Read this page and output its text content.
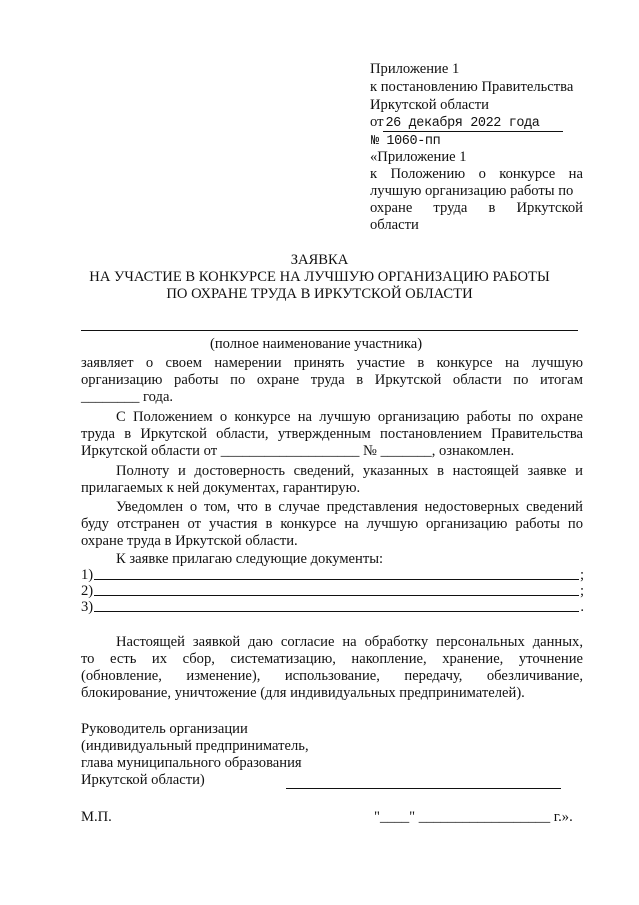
Приложение 1
к постановлению Правительства
Иркутской области
от 26 декабря 2022 года
№ 1060-пп
«Приложение 1
к Положению о конкурсе на
лучшую организацию работы по
охране труда в Иркутской
области
ЗАЯВКА
НА УЧАСТИЕ В КОНКУРСЕ НА ЛУЧШУЮ ОРГАНИЗАЦИЮ РАБОТЫ
ПО ОХРАНЕ ТРУДА В ИРКУТСКОЙ ОБЛАСТИ
(полное наименование участника)
заявляет о своем намерении принять участие в конкурсе на лучшую
организацию работы по охране труда в Иркутской области по итогам
________ года.
С Положением о конкурсе на лучшую организацию работы по охране
труда в Иркутской области, утвержденным постановлением Правительства
Иркутской области от ___________________ № _______, ознакомлен.
Полноту и достоверность сведений, указанных в настоящей заявке и
прилагаемых к ней документах, гарантирую.
Уведомлен о том, что в случае представления недостоверных сведений
буду отстранен от участия в конкурсе на лучшую организацию работы по
охране труда в Иркутской области.
К заявке прилагаю следующие документы:
1)	;
2)	;
3)	.
Настоящей заявкой даю согласие на обработку персональных данных,
то есть их сбор, систематизацию, накопление, хранение, уточнение
(обновление, изменение), использование, передачу, обезличивание,
блокирование, уничтожение (для индивидуальных предпринимателей).
Руководитель организации
(индивидуальный предприниматель,
глава муниципального образования
Иркутской области)
М.П.	"____" __________________ г.».
